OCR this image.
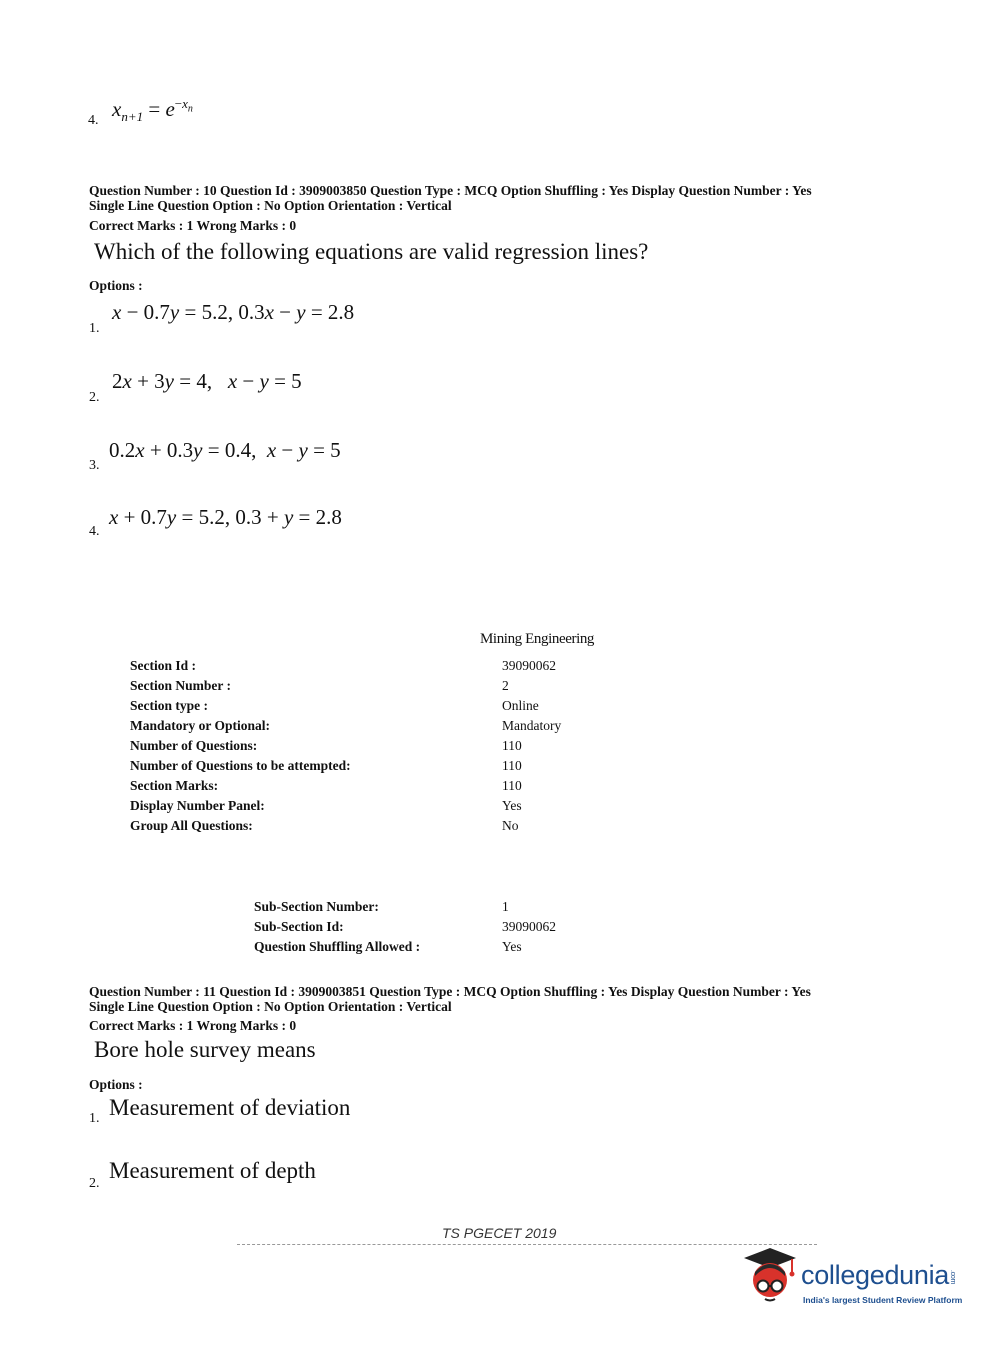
4. $x_{n+1} = e^{-x_n}$
Question Number : 10 Question Id : 3909003850 Question Type : MCQ Option Shuffling : Yes Display Question Number : Yes
Single Line Question Option : No Option Orientation : Vertical
Correct Marks : 1 Wrong Marks : 0
Which of the following equations are valid regression lines?
Options :
1.
x − 0.7y = 5.2, 0.3x − y = 2.8
2.
2x + 3y = 4,   x − y = 5
3.
0.2x + 0.3y = 0.4,  x − y = 5
4.
x + 0.7y = 5.2, 0.3 + y = 2.8
Mining Engineering
Section Id :	39090062
Section Number :	2
Section type :	Online
Mandatory or Optional:	Mandatory
Number of Questions:	110
Number of Questions to be attempted:	110
Section Marks:	110
Display Number Panel:	Yes
Group All Questions:	No
Sub-Section Number:	1
Sub-Section Id:	39090062
Question Shuffling Allowed :	Yes
Question Number : 11 Question Id : 3909003851 Question Type : MCQ Option Shuffling : Yes Display Question Number : Yes
Single Line Question Option : No Option Orientation : Vertical
Correct Marks : 1 Wrong Marks : 0
Bore hole survey means
Options :
1. Measurement of deviation
2.
Measurement of depth
TS PGECET 2019
collegedunia.com
India's largest Student Review Platform
